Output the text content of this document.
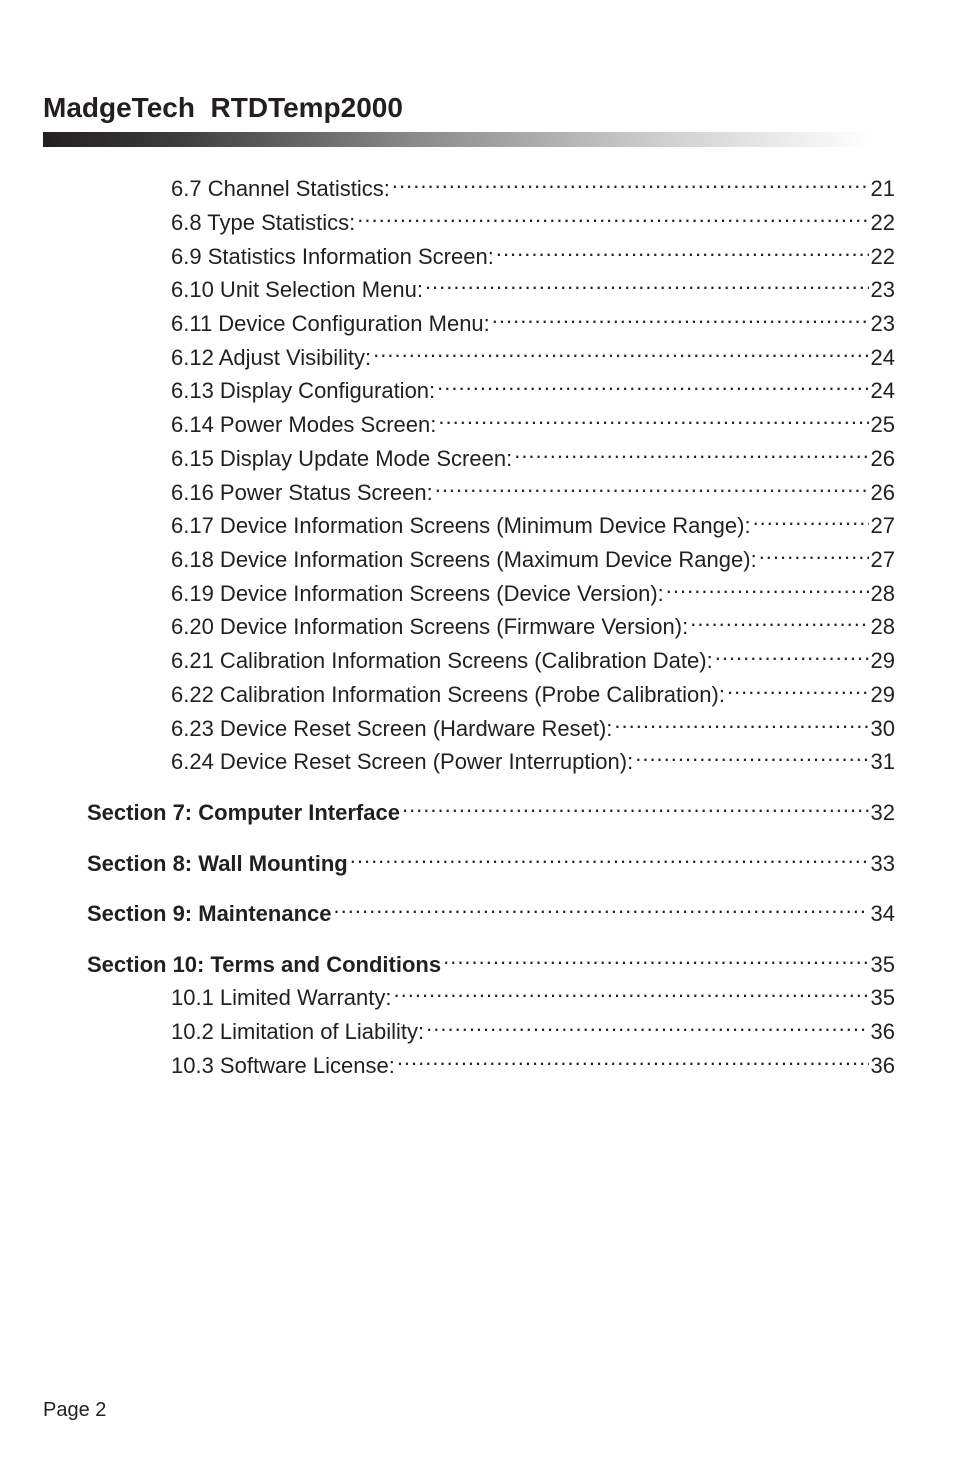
MadgeTech  RTDTemp2000
6.7 Channel Statistics: .....	21
6.8 Type Statistics: .....	22
6.9 Statistics Information Screen: .....	22
6.10 Unit Selection Menu: .....	23
6.11 Device Configuration Menu: .....	23
6.12 Adjust Visibility: .....	24
6.13 Display Configuration: .....	24
6.14 Power Modes Screen: .....	25
6.15 Display Update Mode Screen: .....	26
6.16 Power Status Screen: .....	26
6.17 Device Information Screens (Minimum Device Range): .....	27
6.18 Device Information Screens (Maximum Device Range): .....	27
6.19 Device Information Screens (Device Version): .....	28
6.20 Device Information Screens (Firmware Version): .....	28
6.21 Calibration Information Screens (Calibration Date): .....	29
6.22 Calibration Information Screens (Probe Calibration): .....	29
6.23 Device Reset Screen (Hardware Reset): .....	30
6.24 Device Reset Screen (Power Interruption): .....	31
Section 7: Computer Interface .....	32
Section 8: Wall Mounting .....	33
Section 9: Maintenance .....	34
Section 10: Terms and Conditions .....	35
10.1 Limited Warranty: .....	35
10.2 Limitation of Liability: .....	36
10.3 Software License: .....	36
Page 2
